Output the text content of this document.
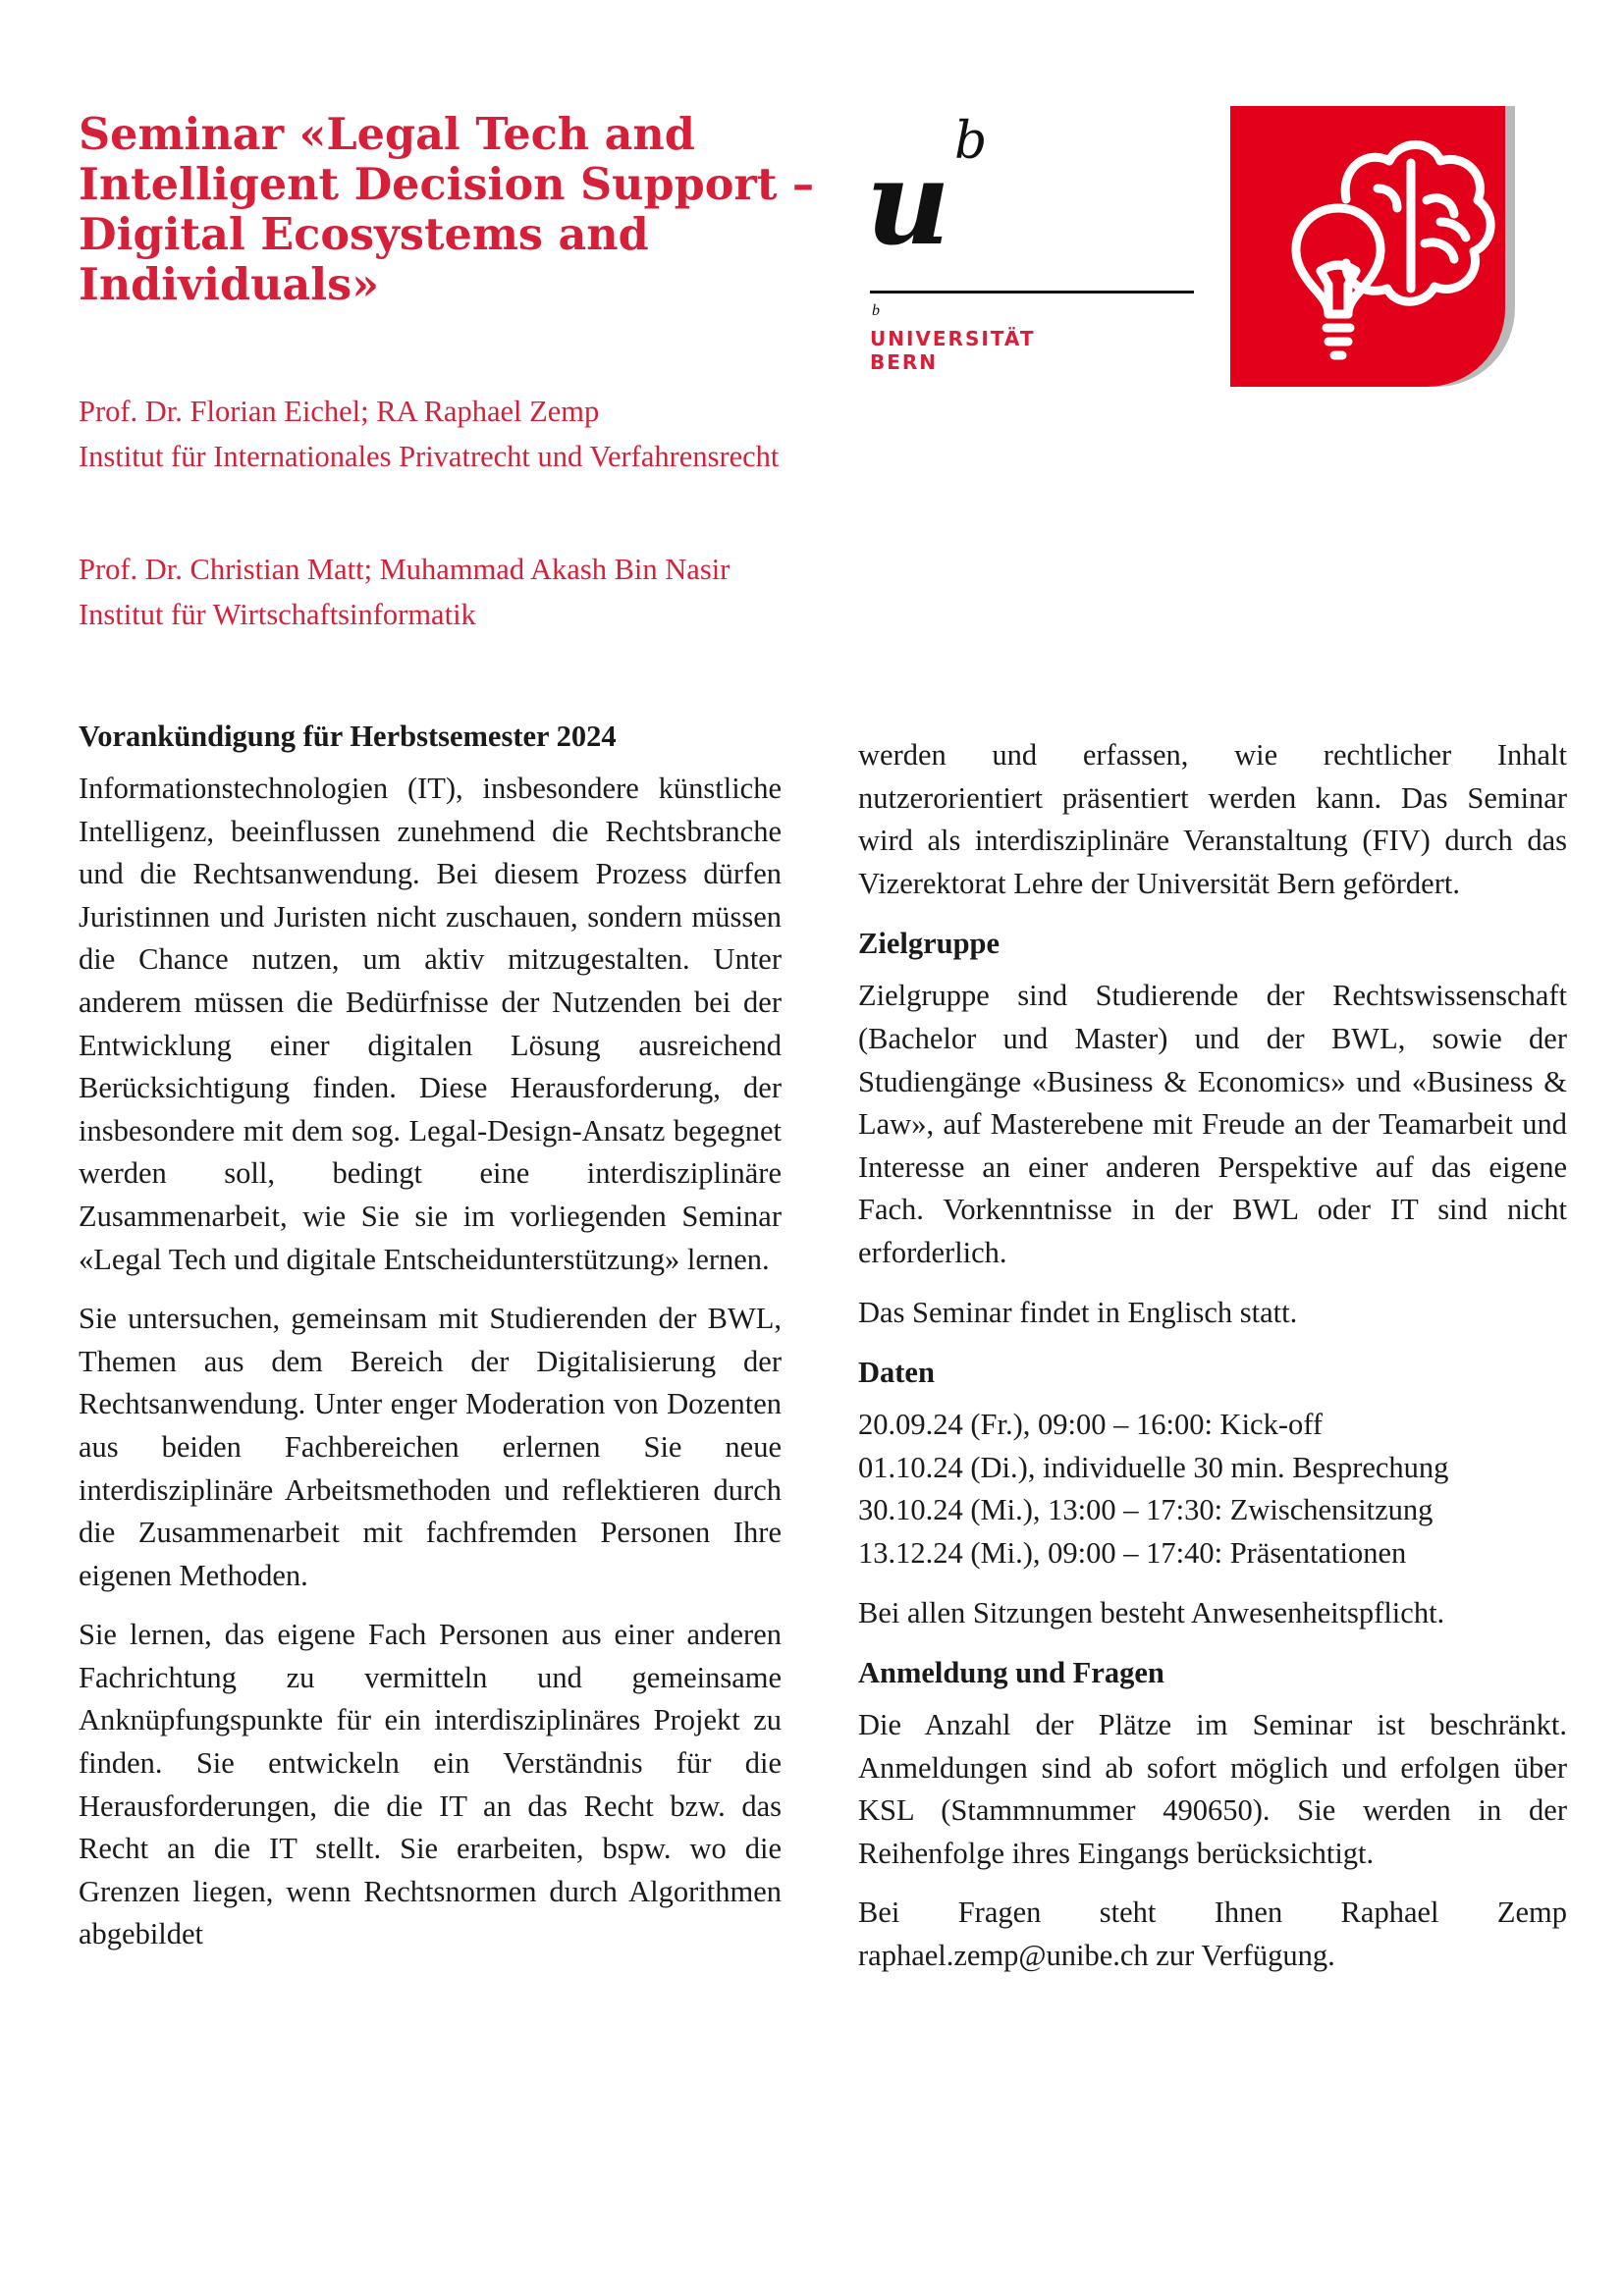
Seminar «Legal Tech and Intelligent Decision Support – Digital Ecosystems and Individuals»
Prof. Dr. Florian Eichel; RA Raphael Zemp
Institut für Internationales Privatrecht und Verfahrensrecht
Prof. Dr. Christian Matt; Muhammad Akash Bin Nasir
Institut für Wirtschaftsinformatik
u b
b
UNIVERSITÄT
BERN
Vorankündigung für Herbstsemester 2024

Informationstechnologien (IT), insbesondere künstliche Intelligenz, beeinflussen zunehmend die Rechtsbranche und die Rechtsanwendung. Bei diesem Prozess dürfen Juristinnen und Juristen nicht zuschauen, sondern müssen die Chance nutzen, um aktiv mitzugestalten. Unter anderem müssen die Bedürfnisse der Nutzenden bei der Entwicklung einer digitalen Lösung ausreichend Berücksichtigung finden. Diese Herausforderung, der insbesondere mit dem sog. Legal-Design-Ansatz begegnet werden soll, bedingt eine interdisziplinäre Zusammenarbeit, wie Sie sie im vorliegenden Seminar «Legal Tech und digitale Entscheidunterstützung» lernen.

Sie untersuchen, gemeinsam mit Studierenden der BWL, Themen aus dem Bereich der Digitalisierung der Rechtsanwendung. Unter enger Moderation von Dozenten aus beiden Fachbereichen erlernen Sie neue interdisziplinäre Arbeitsmethoden und reflektieren durch die Zusammenarbeit mit fachfremden Personen Ihre eigenen Methoden.

Sie lernen, das eigene Fach Personen aus einer anderen Fachrichtung zu vermitteln und gemeinsame Anknüpfungspunkte für ein interdisziplinäres Projekt zu finden. Sie entwickeln ein Verständnis für die Herausforderungen, die die IT an das Recht bzw. das Recht an die IT stellt. Sie erarbeiten, bspw. wo die Grenzen liegen, wenn Rechtsnormen durch Algorithmen abgebildet

werden und erfassen, wie rechtlicher Inhalt nutzerorientiert präsentiert werden kann. Das Seminar wird als interdisziplinäre Veranstaltung (FIV) durch das Vizerektorat Lehre der Universität Bern gefördert.

Zielgruppe

Zielgruppe sind Studierende der Rechtswissenschaft (Bachelor und Master) und der BWL, sowie der Studiengänge «Business & Economics» und «Business & Law», auf Masterebene mit Freude an der Teamarbeit und Interesse an einer anderen Perspektive auf das eigene Fach. Vorkenntnisse in der BWL oder IT sind nicht erforderlich.

Das Seminar findet in Englisch statt.

Daten
20.09.24 (Fr.), 09:00 – 16:00: Kick-off
01.10.24 (Di.), individuelle 30 min. Besprechung
30.10.24 (Mi.), 13:00 – 17:30: Zwischensitzung
13.12.24 (Mi.), 09:00 – 17:40: Präsentationen

Bei allen Sitzungen besteht Anwesenheitspflicht.

Anmeldung und Fragen

Die Anzahl der Plätze im Seminar ist beschränkt. Anmeldungen sind ab sofort möglich und erfolgen über KSL (Stammnummer 490650). Sie werden in der Reihenfolge ihres Eingangs berücksichtigt.

Bei Fragen steht Ihnen Raphael Zemp raphael.zemp@unibe.ch zur Verfügung.
